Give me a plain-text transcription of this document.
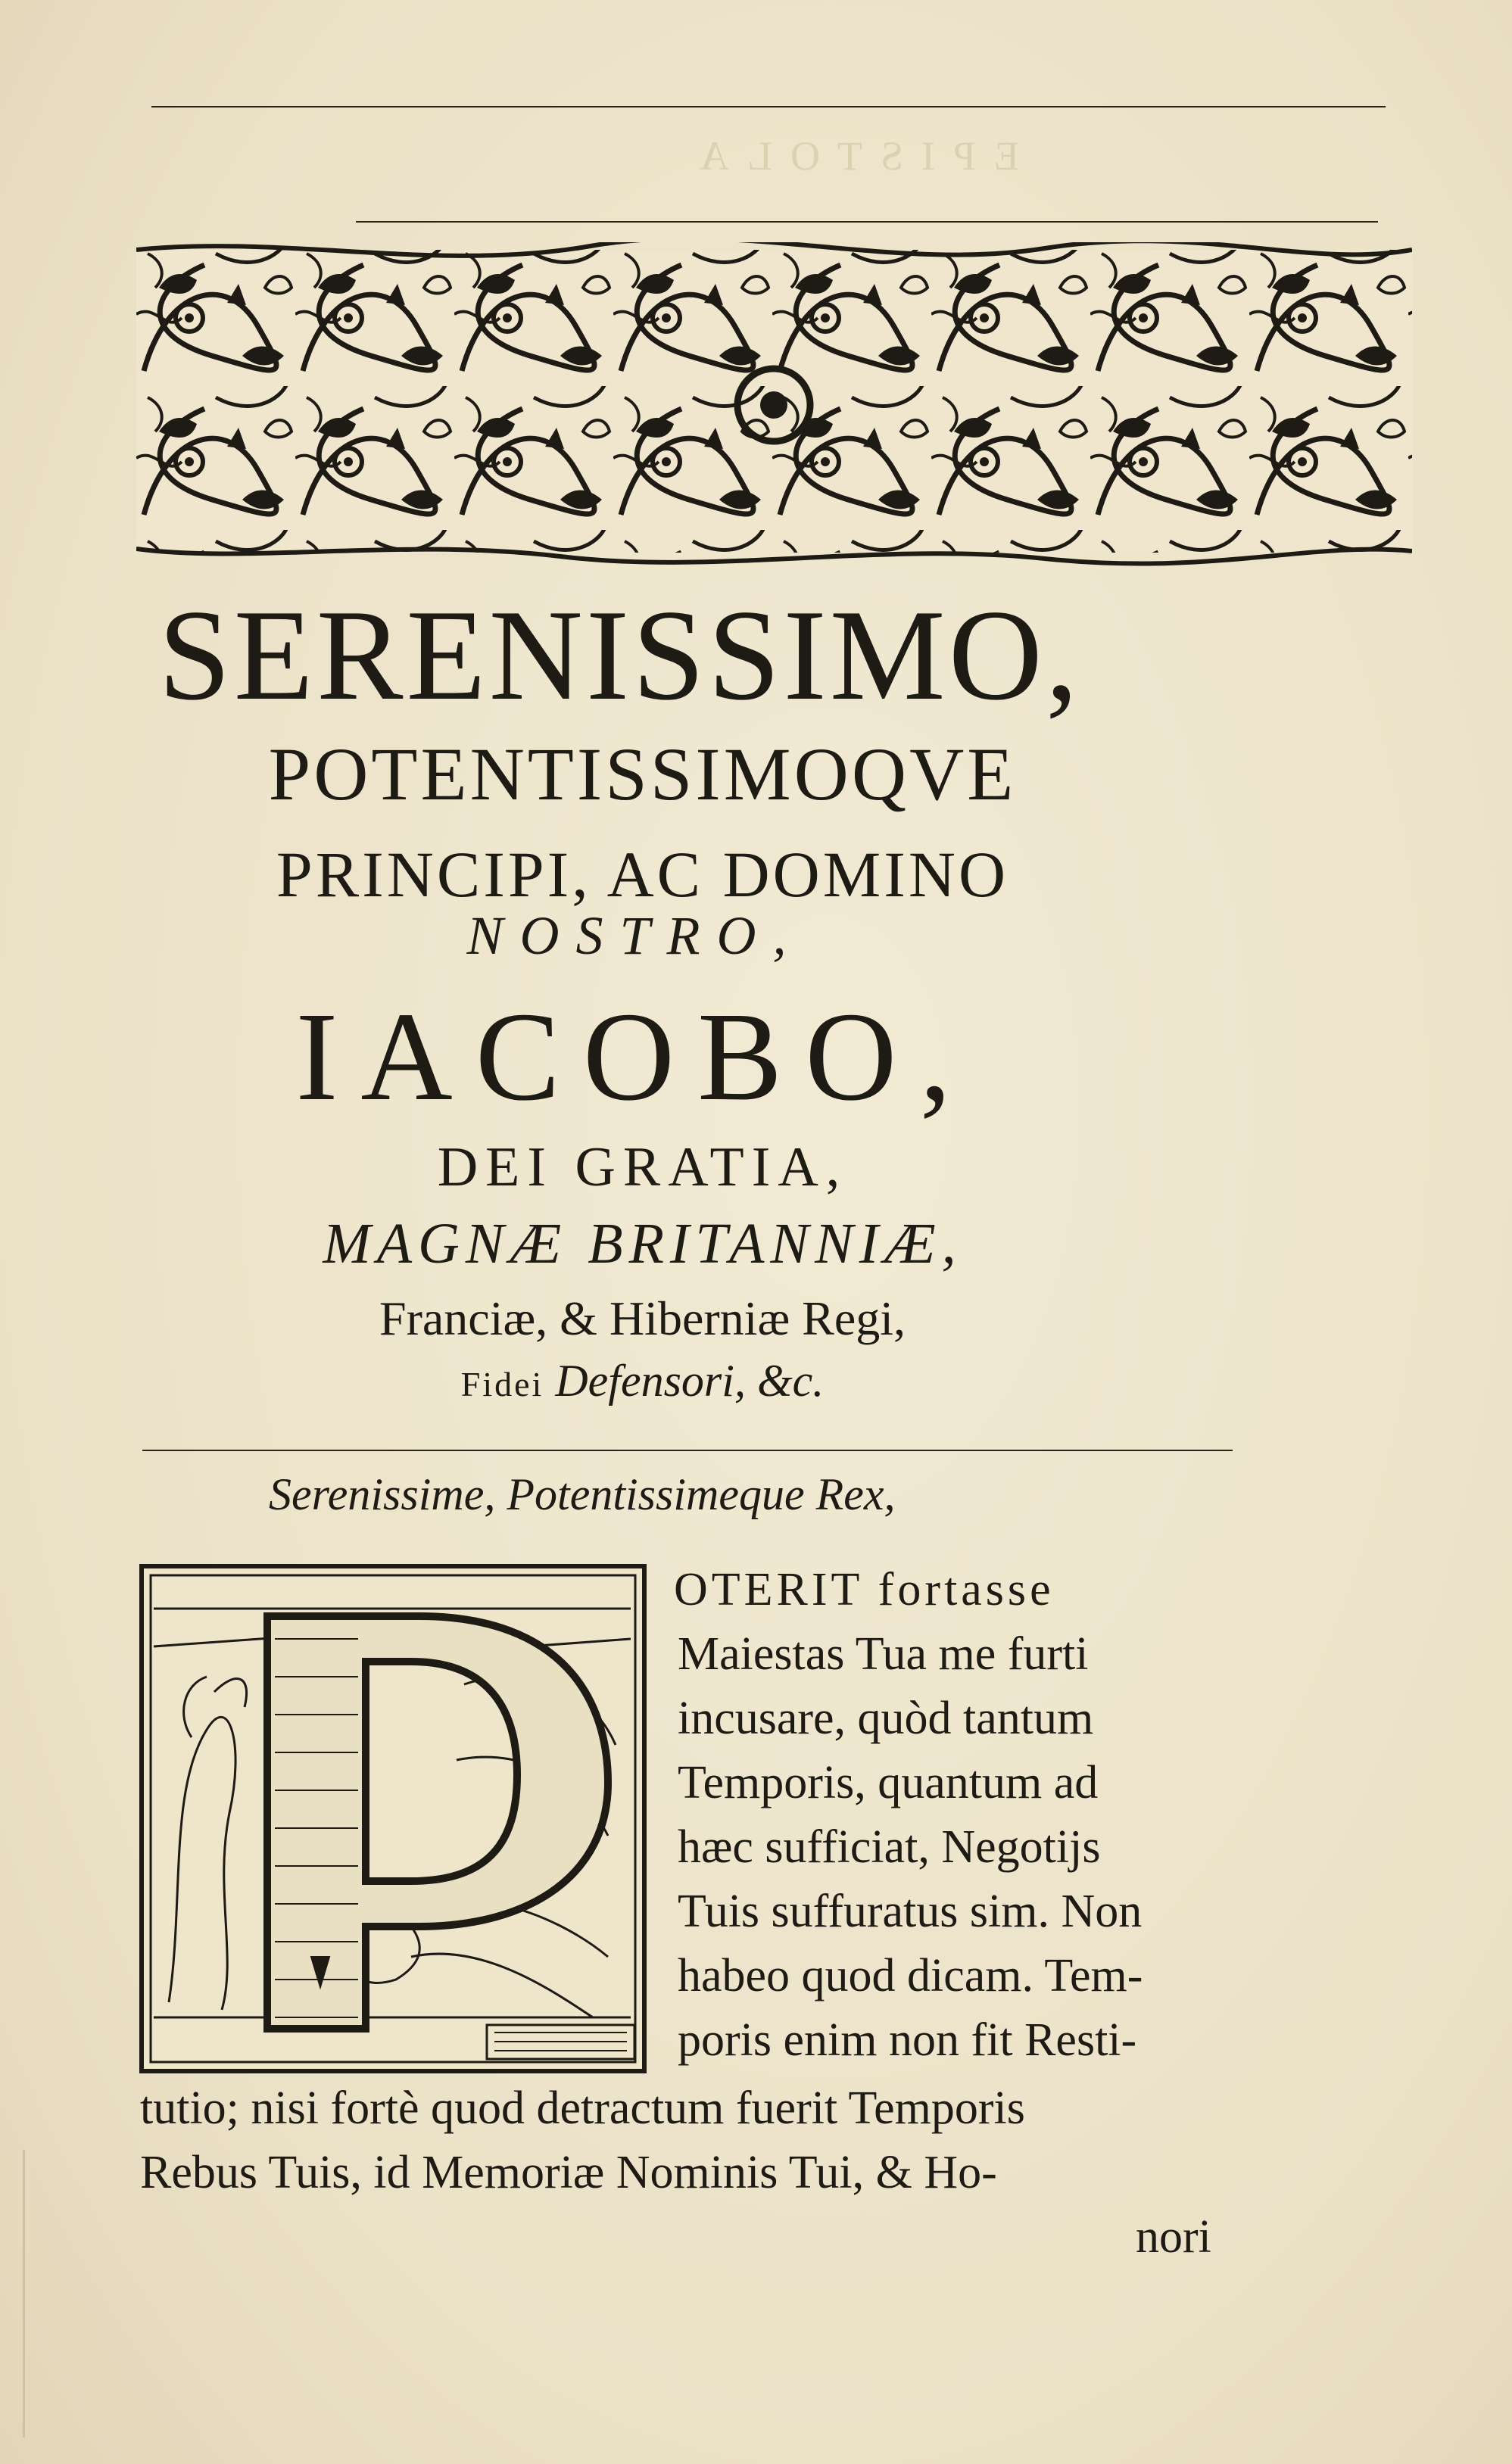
EPISTOLA
SERENISSIMO,
POTENTISSIMOQVE
PRINCIPI, AC DOMINO
NOSTRO,
IACOBO,
DEI GRATIA,
MAGNÆ BRITANNIÆ,
Franciæ, & Hiberniæ Regi,
Fidei Defensori, &c.
Serenissime, Potentissimeque Rex,
OTERIT fortasse
Maiestas Tua me furti
incusare, quòd tantum
Temporis, quantum ad
hæc sufficiat, Negotijs
Tuis suffuratus sim. Non
habeo quod dicam. Tem-
poris enim non fit Resti-
tutio; nisi fortè quod detractum fuerit Temporis
Rebus Tuis, id Memoriæ Nominis Tui, & Ho-
nori
